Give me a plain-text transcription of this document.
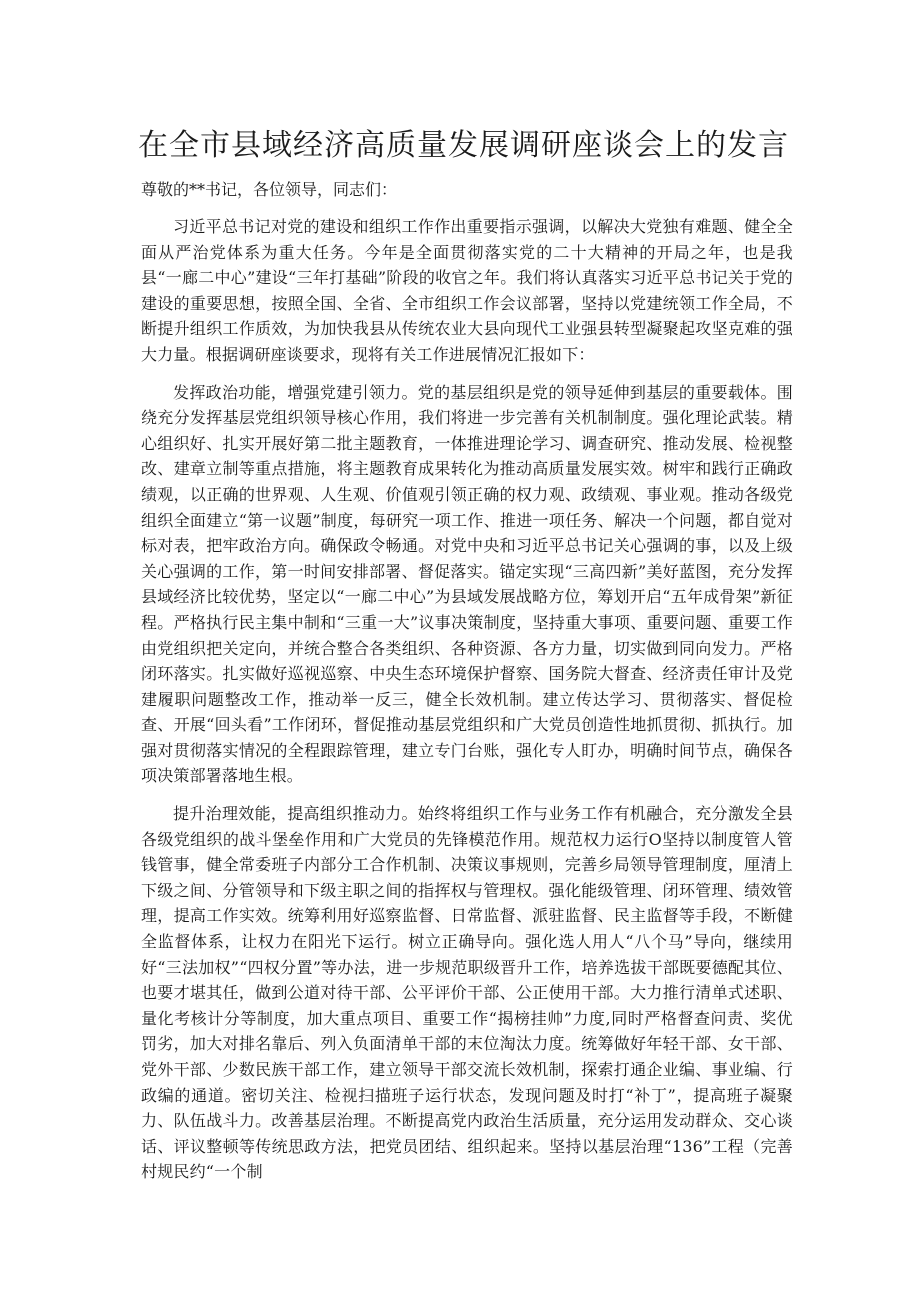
在全市县域经济高质量发展调研座谈会上的发言

尊敬的**书记，各位领导，同志们：

习近平总书记对党的建设和组织工作作出重要指示强调，以解决大党独有难题、健全全面从严治党体系为重大任务。今年是全面贯彻落实党的二十大精神的开局之年，也是我县“一廊二中心”建设“三年打基础”阶段的收官之年。我们将认真落实习近平总书记关于党的建设的重要思想，按照全国、全省、全市组织工作会议部署，坚持以党建统领工作全局，不断提升组织工作质效，为加快我县从传统农业大县向现代工业强县转型凝聚起攻坚克难的强大力量。根据调研座谈要求，现将有关工作进展情况汇报如下：

发挥政治功能，增强党建引领力。党的基层组织是党的领导延伸到基层的重要载体。围绕充分发挥基层党组织领导核心作用，我们将进一步完善有关机制制度。强化理论武装。精心组织好、扎实开展好第二批主题教育，一体推进理论学习、调查研究、推动发展、检视整改、建章立制等重点措施，将主题教育成果转化为推动高质量发展实效。树牢和践行正确政绩观，以正确的世界观、人生观、价值观引领正确的权力观、政绩观、事业观。推动各级党组织全面建立“第一议题”制度，每研究一项工作、推进一项任务、解决一个问题，都自觉对标对表，把牢政治方向。确保政令畅通。对党中央和习近平总书记关心强调的事，以及上级关心强调的工作，第一时间安排部署、督促落实。锚定实现“三高四新”美好蓝图，充分发挥县域经济比较优势，坚定以“一廊二中心”为县域发展战略方位，筹划开启“五年成骨架”新征程。严格执行民主集中制和“三重一大”议事决策制度，坚持重大事项、重要问题、重要工作由党组织把关定向，并统合整合各类组织、各种资源、各方力量，切实做到同向发力。严格闭环落实。扎实做好巡视巡察、中央生态环境保护督察、国务院大督查、经济责任审计及党建履职问题整改工作，推动举一反三，健全长效机制。建立传达学习、贯彻落实、督促检查、开展“回头看”工作闭环，督促推动基层党组织和广大党员创造性地抓贯彻、抓执行。加强对贯彻落实情况的全程跟踪管理，建立专门台账，强化专人盯办，明确时间节点，确保各项决策部署落地生根。

提升治理效能，提高组织推动力。始终将组织工作与业务工作有机融合，充分激发全县各级党组织的战斗堡垒作用和广大党员的先锋模范作用。规范权力运行O坚持以制度管人管钱管事，健全常委班子内部分工合作机制、决策议事规则，完善乡局领导管理制度，厘清上下级之间、分管领导和下级主职之间的指挥权与管理权。强化能级管理、闭环管理、绩效管理，提高工作实效。统筹利用好巡察监督、日常监督、派驻监督、民主监督等手段，不断健全监督体系，让权力在阳光下运行。树立正确导向。强化选人用人“八个马”导向，继续用好“三法加权”“四权分置”等办法，进一步规范职级晋升工作，培养选拔干部既要德配其位、也要才堪其任，做到公道对待干部、公平评价干部、公正使用干部。大力推行清单式述职、量化考核计分等制度，加大重点项目、重要工作“揭榜挂帅”力度,同时严格督查问责、奖优罚劣，加大对排名靠后、列入负面清单干部的末位淘汰力度。统筹做好年轻干部、女干部、党外干部、少数民族干部工作，建立领导干部交流长效机制，探索打通企业编、事业编、行政编的通道。密切关注、检视扫描班子运行状态，发现问题及时打“补丁”，提高班子凝聚力、队伍战斗力。改善基层治理。不断提高党内政治生活质量，充分运用发动群众、交心谈话、评议整顿等传统思政方法，把党员团结、组织起来。坚持以基层治理“136”工程（完善村规民约“一个制
